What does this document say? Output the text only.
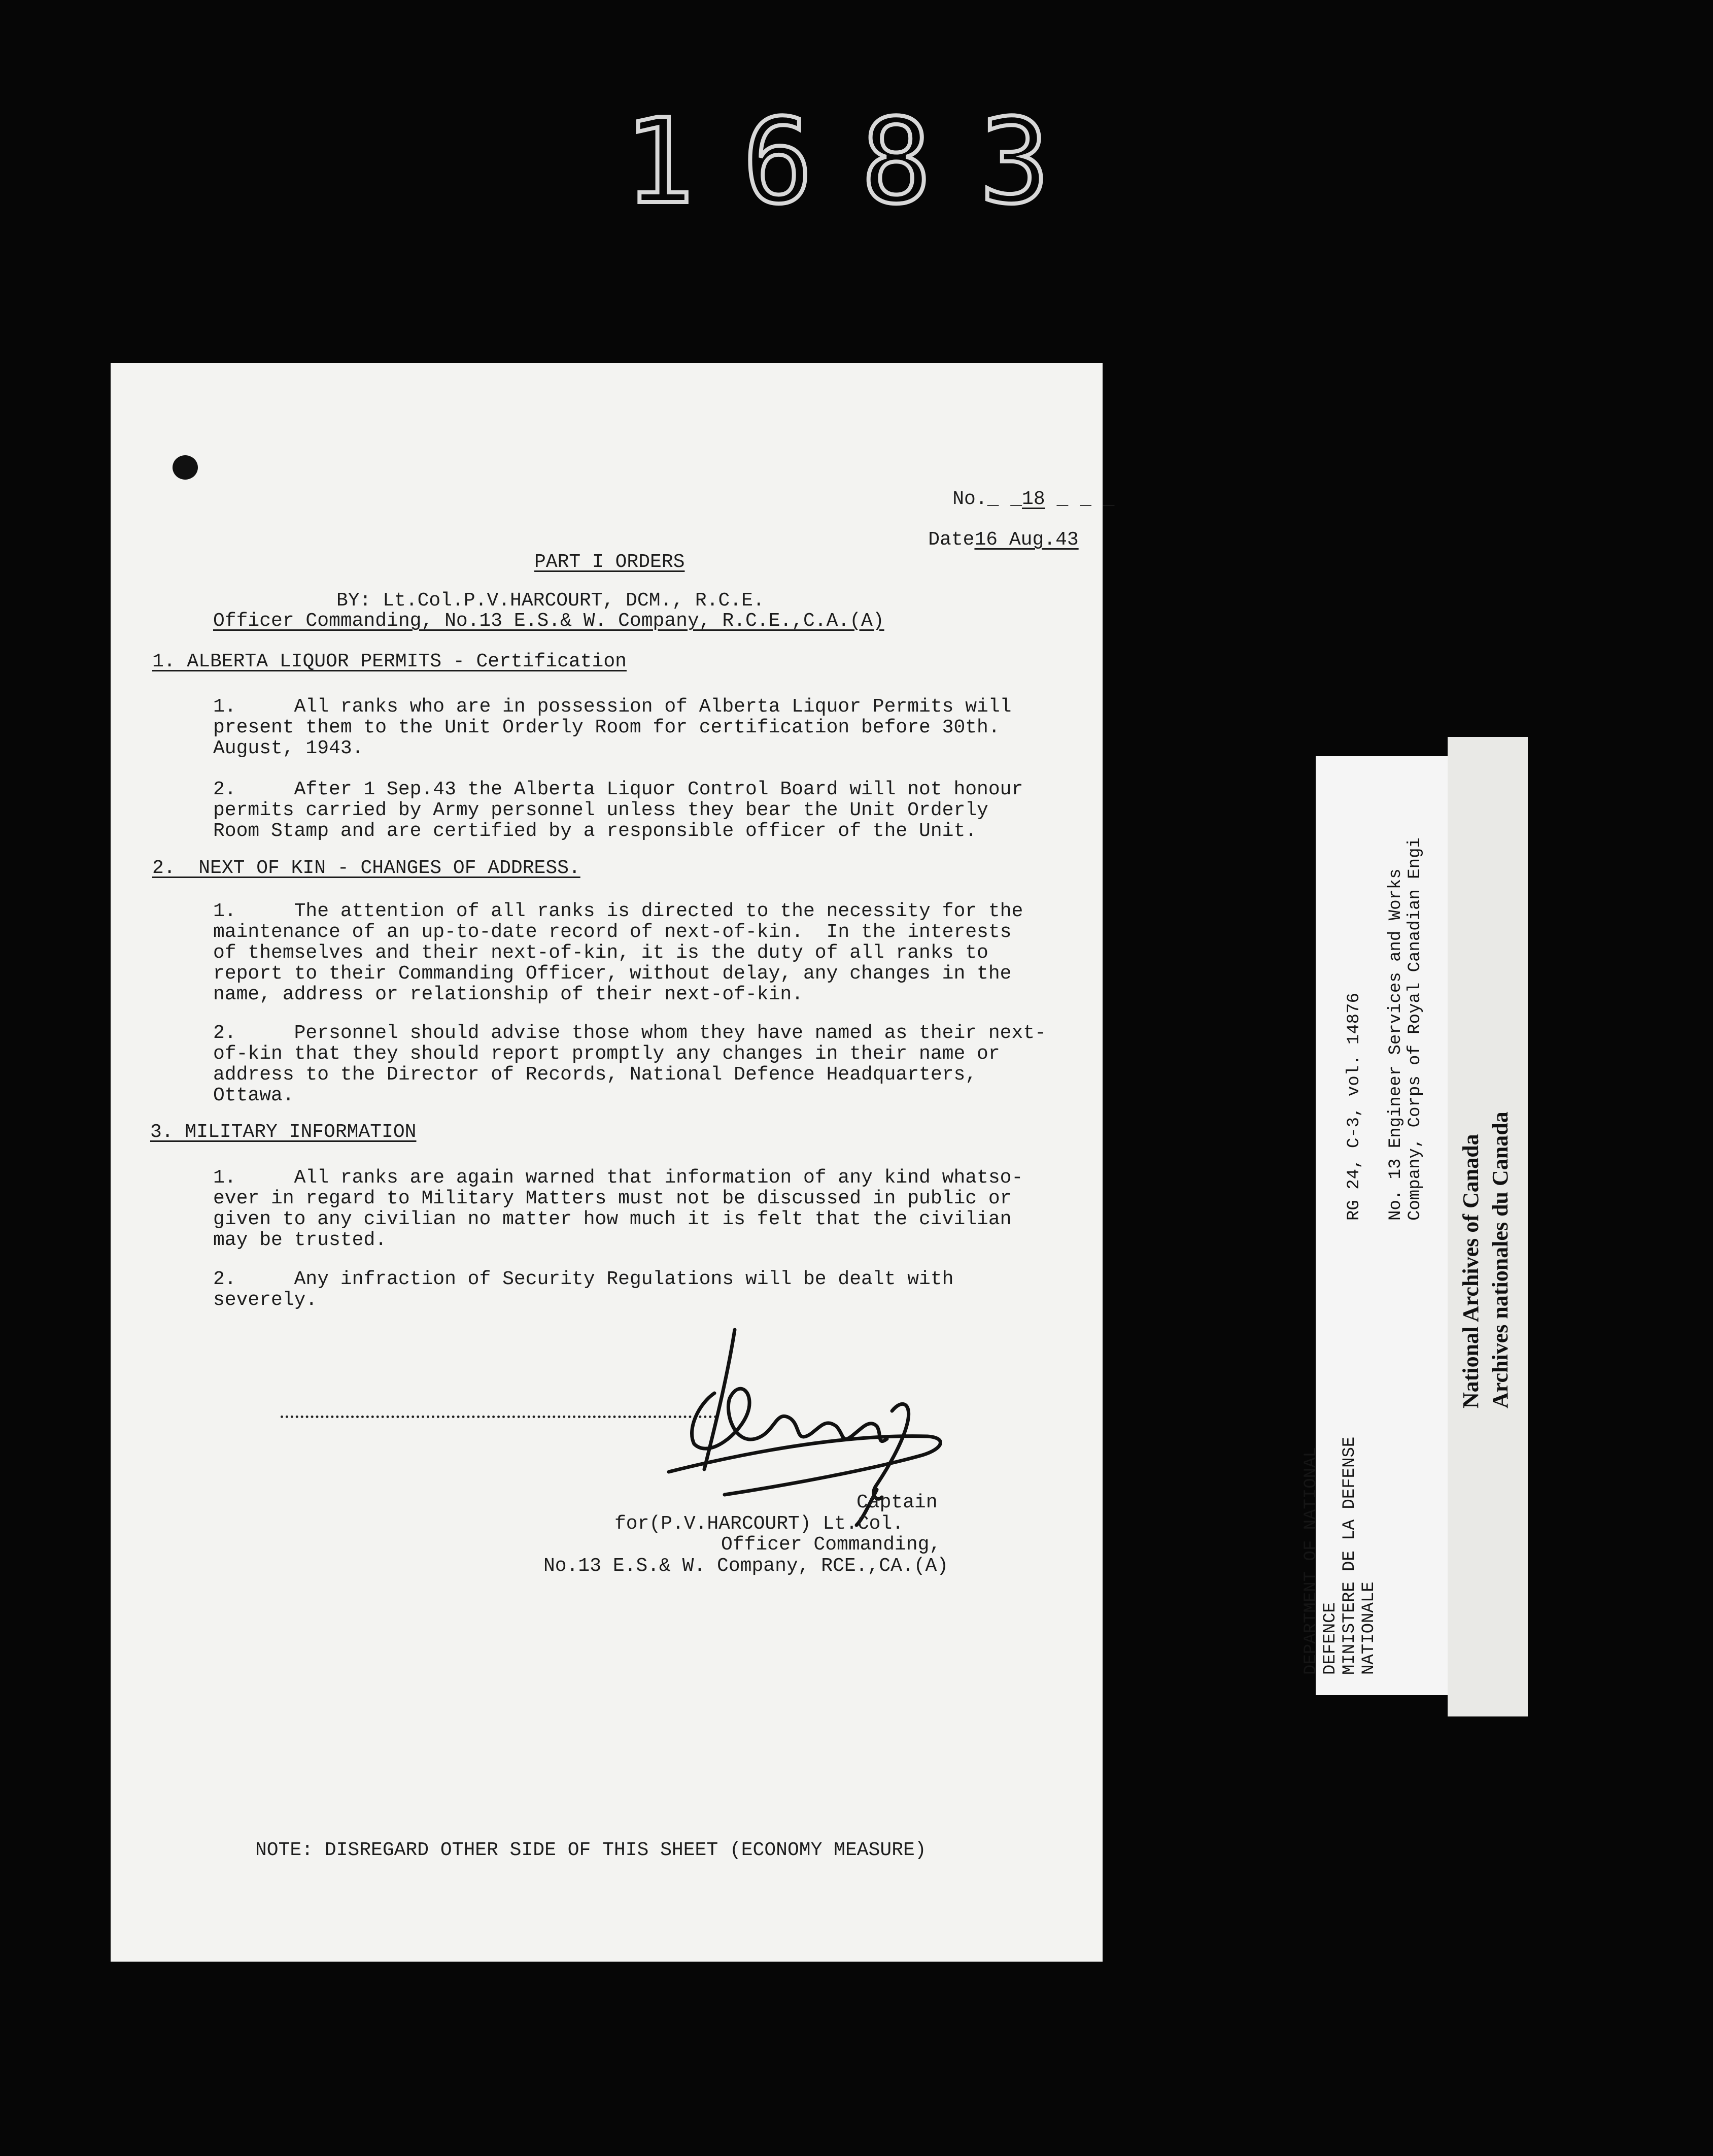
1683

No._ _18 _ _ _

Date16 Aug.43

PART I ORDERS
BY: Lt.Col.P.V.HARCOURT, DCM., R.C.E.
Officer Commanding, No.13 E.S.& W. Company, R.C.E.,C.A.(A)
1. ALBERTA LIQUOR PERMITS - Certification
1.     All ranks who are in possession of Alberta Liquor Permits will
present them to the Unit Orderly Room for certification before 30th.
August, 1943.
2.     After 1 Sep.43 the Alberta Liquor Control Board will not honour
permits carried by Army personnel unless they bear the Unit Orderly
Room Stamp and are certified by a responsible officer of the Unit.
2.  NEXT OF KIN - CHANGES OF ADDRESS.
1.     The attention of all ranks is directed to the necessity for the
maintenance of an up-to-date record of next-of-kin.  In the interests
of themselves and their next-of-kin, it is the duty of all ranks to
report to their Commanding Officer, without delay, any changes in the
name, address or relationship of their next-of-kin.
2.     Personnel should advise those whom they have named as their next-
of-kin that they should report promptly any changes in their name or
address to the Director of Records, National Defence Headquarters,
Ottawa.
3. MILITARY INFORMATION
1.     All ranks are again warned that information of any kind whatso-
ever in regard to Military Matters must not be discussed in public or
given to any civilian no matter how much it is felt that the civilian
may be trusted.
2.     Any infraction of Security Regulations will be dealt with
severely.
Captain
for(P.V.HARCOURT) Lt.Col.
Officer Commanding,
No.13 E.S.& W. Company, RCE.,CA.(A)
NOTE: DISREGARD OTHER SIDE OF THIS SHEET (ECONOMY MEASURE)
DEPARTMENT OF NATIONAL DEFENCE MINISTERE DE LA DEFENSE NATIONALE
RG 24, C-3, vol. 14876 No. 13 Engineer Services and Works Company, Corps of Royal Canadian Engi
National Archives of Canada Archives nationales du Canada
